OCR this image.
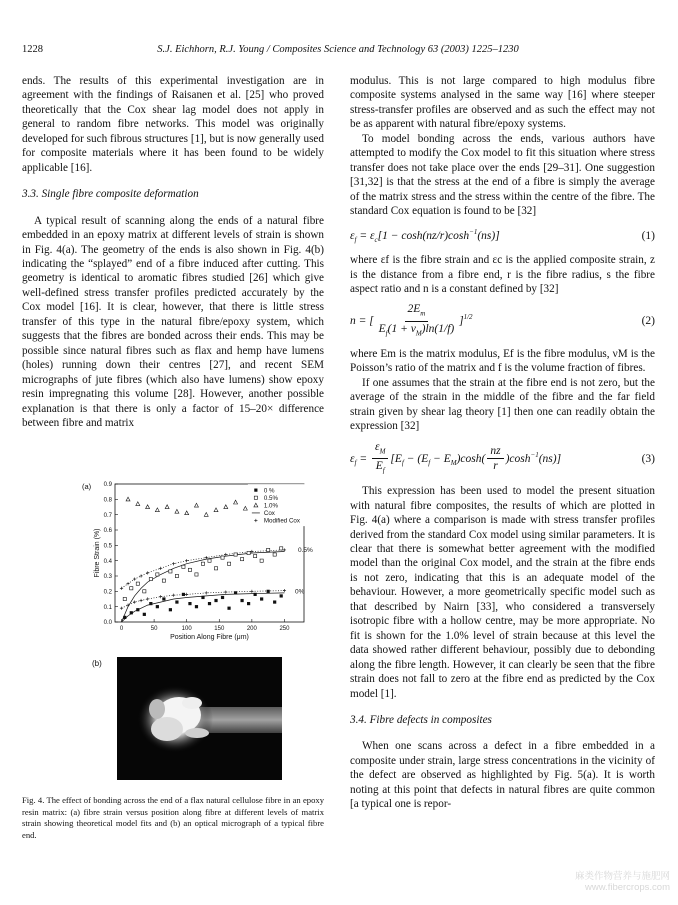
1228	S.J. Eichhorn, R.J. Young / Composites Science and Technology 63 (2003) 1225–1230

ends. The results of this experimental investigation are in agreement with the findings of Raisanen et al. [25] who proved theoretically that the Cox shear lag model does not apply in general to random fibre networks. This model was originally developed for such fibrous structures [1], but is now generally used for composite materials where it has been found to be widely applicable [16].

3.3. Single fibre composite deformation

A typical result of scanning along the ends of a natural fibre embedded in an epoxy matrix at different levels of strain is shown in Fig. 4(a). The geometry of the ends is also shown in Fig. 4(b) indicating the “splayed” end of a fibre induced after cutting. This geometry is identical to aromatic fibres studied [26] which give well-defined stress transfer profiles predicted accurately by the Cox model [16]. It is clear, however, that there is little stress transfer of this type in the natural fibre/epoxy system, which suggests that the fibres are bonded across their ends. This may be possible since natural fibres such as flax and hemp have lumens (holes) running down their centres [27], and recent SEM micrographs of jute fibres (which also have lumens) show epoxy resin impregnating this volume [28]. However, another possible explanation is that there is only a factor of 15–20× difference between fibre and matrix

(a)
0.0
0.1
0.2
0.3
0.4
0.5
0.6
0.7
0.8
0.9
0	50	100	150	200	250
Position Along Fibre (μm)
Fibre Strain (%)	0.5%
0%
0 %
0.5%
1.0%
Cox
Modified Cox
(b)
Fig. 4. The effect of bonding across the end of a flax natural cellulose fibre in an epoxy resin matrix: (a) fibre strain versus position along fibre at different levels of matrix strain showing theoretical model fits and (b) an optical micrograph of a typical fibre end.

modulus. This is not large compared to high modulus fibre composite systems analysed in the same way [16] where steeper stress-transfer profiles are observed and as such the effect may not be as apparent with natural fibre/epoxy systems.

To model bonding across the ends, various authors have attempted to modify the Cox model to fit this situation where stress transfer does not take place over the ends [29–31]. One suggestion [31,32] is that the stress at the end of a fibre is simply the average of the matrix stress and the stress within the centre of the fibre. The standard Cox equation is found to be [32]

$\varepsilon_f = \varepsilon_c[1 - \cosh(nz/r)\cosh^{-1}(ns)]$	(1)

where εf is the fibre strain and εc is the applied composite strain, z is the distance from a fibre end, r is the fibre radius, s the fibre aspect ratio and n is a constant defined by [32]

n = [ $\frac{2E_m}{E_f(1 + \nu_M)\ln(1/f)} ]^{1/2}$	(2)

where Em is the matrix modulus, Ef is the fibre modulus, νM is the Poisson’s ratio of the matrix and f is the volume fraction of fibres.

If one assumes that the strain at the fibre end is not zero, but the average of the strain in the middle of the fibre and the far field strain given by shear lag theory [1] then one can readily obtain the expression [32]

$\varepsilon_f = \frac{\varepsilon_M}{E_f} [E_f - (E_f - E_M)\cosh( \frac{nz}{r} )\cosh^{-1}(ns)]$	(3)

This expression has been used to model the present situation with natural fibre composites, the results of which are plotted in Fig. 4(a) where a comparison is made with stress transfer profiles derived from the standard Cox model using similar parameters. It is clear that there is somewhat better agreement with the modified model than the original Cox model, and the strain at the fibre ends is not zero, indicating that this is an adequate model of the behaviour. However, a more geometrically specific model such as that described by Nairn [33], who considered a transversely isotropic fibre with a hollow centre, may be more appropriate. No fit is shown for the 1.0% level of strain because at this level the data showed rather different behaviour, possibly due to debonding along the fibre length. However, it can clearly be seen that the fibre strain does not fall to zero at the fibre end as predicted by the Cox model [1].

3.4. Fibre defects in composites

When one scans across a defect in a fibre embedded in a composite under strain, large stress concentrations in the vicinity of the defect are observed as highlighted by Fig. 5(a). It is worth noting at this point that defects in natural fibres are quite common [a typical one is repor-

麻类作物营养与施肥网
www.fibercrops.com
